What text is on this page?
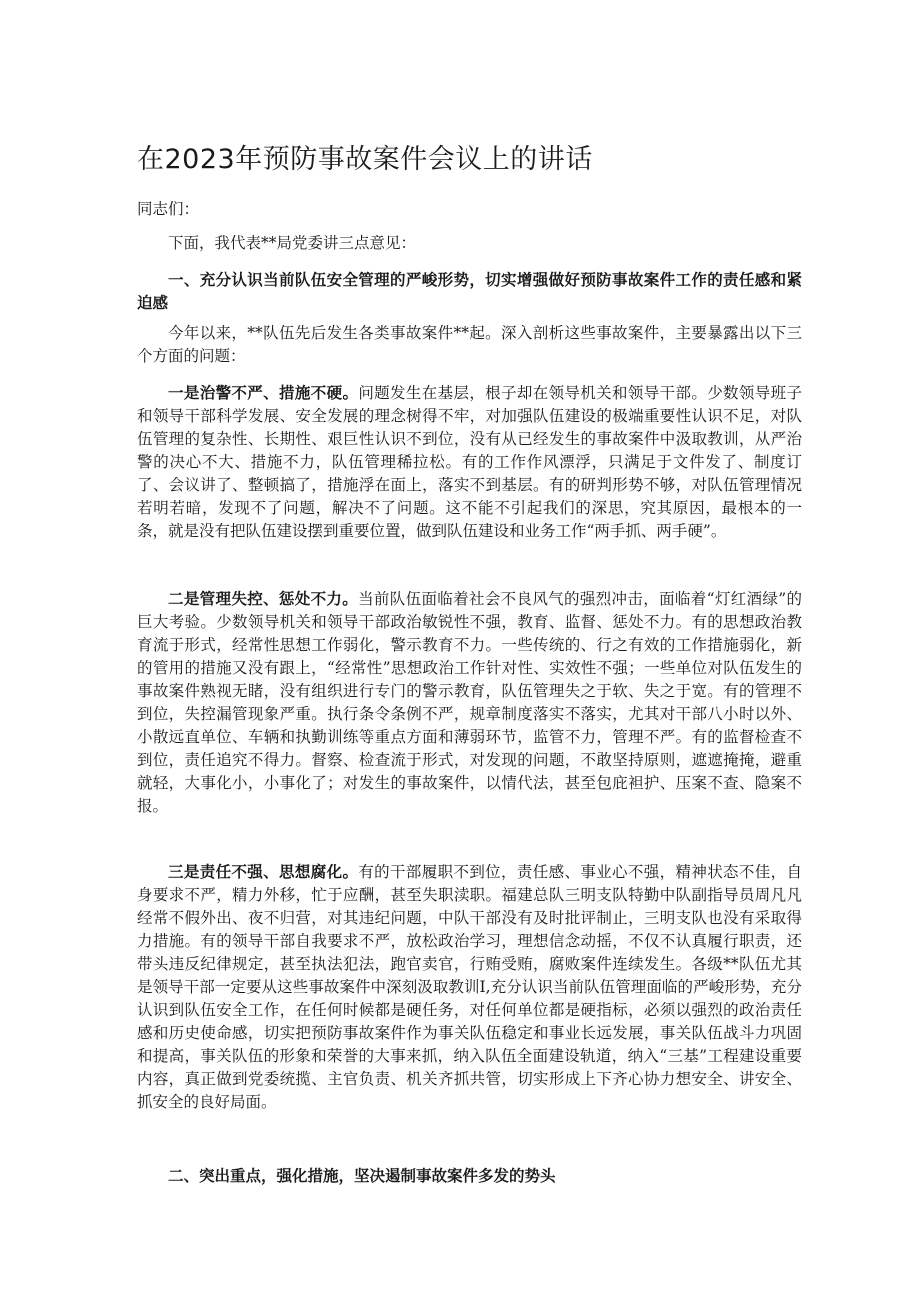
在2023年预防事故案件会议上的讲话
同志们：
下面，我代表**局党委讲三点意见：
一、充分认识当前队伍安全管理的严峻形势，切实增强做好预防事故案件工作的责任感和紧迫感
今年以来，**队伍先后发生各类事故案件**起。深入剖析这些事故案件，主要暴露出以下三个方面的问题：
一是治警不严、措施不硬。问题发生在基层，根子却在领导机关和领导干部。少数领导班子和领导干部科学发展、安全发展的理念树得不牢，对加强队伍建设的极端重要性认识不足，对队伍管理的复杂性、长期性、艰巨性认识不到位，没有从已经发生的事故案件中汲取教训，从严治警的决心不大、措施不力，队伍管理稀拉松。有的工作作风漂浮，只满足于文件发了、制度订了、会议讲了、整顿搞了，措施浮在面上，落实不到基层。有的研判形势不够，对队伍管理情况若明若暗，发现不了问题，解决不了问题。这不能不引起我们的深思，究其原因，最根本的一条，就是没有把队伍建设摆到重要位置，做到队伍建设和业务工作“两手抓、两手硬”。
二是管理失控、惩处不力。当前队伍面临着社会不良风气的强烈冲击，面临着“灯红酒绿”的巨大考验。少数领导机关和领导干部政治敏锐性不强，教育、监督、惩处不力。有的思想政治教育流于形式，经常性思想工作弱化，警示教育不力。一些传统的、行之有效的工作措施弱化，新的管用的措施又没有跟上，“经常性”思想政治工作针对性、实效性不强；一些单位对队伍发生的事故案件熟视无睹，没有组织进行专门的警示教育，队伍管理失之于软、失之于宽。有的管理不到位，失控漏管现象严重。执行条令条例不严，规章制度落实不落实，尤其对干部八小时以外、小散远直单位、车辆和执勤训练等重点方面和薄弱环节，监管不力，管理不严。有的监督检查不到位，责任追究不得力。督察、检查流于形式，对发现的问题，不敢坚持原则，遮遮掩掩，避重就轻，大事化小，小事化了；对发生的事故案件，以情代法，甚至包庇袒护、压案不查、隐案不报。
三是责任不强、思想腐化。有的干部履职不到位，责任感、事业心不强，精神状态不佳，自身要求不严，精力外移，忙于应酬，甚至失职渎职。福建总队三明支队特勤中队副指导员周凡凡经常不假外出、夜不归营，对其违纪问题，中队干部没有及时批评制止，三明支队也没有采取得力措施。有的领导干部自我要求不严，放松政治学习，理想信念动摇，不仅不认真履行职责，还带头违反纪律规定，甚至执法犯法，跑官卖官，行贿受贿，腐败案件连续发生。各级**队伍尤其是领导干部一定要从这些事故案件中深刻汲取教训I,充分认识当前队伍管理面临的严峻形势，充分认识到队伍安全工作，在任何时候都是硬任务，对任何单位都是硬指标，必须以强烈的政治责任感和历史使命感，切实把预防事故案件作为事关队伍稳定和事业长远发展，事关队伍战斗力巩固和提高，事关队伍的形象和荣誉的大事来抓，纳入队伍全面建设轨道，纳入“三基”工程建设重要内容，真正做到党委统揽、主官负责、机关齐抓共管，切实形成上下齐心协力想安全、讲安全、抓安全的良好局面。
二、突出重点，强化措施，坚决遏制事故案件多发的势头
